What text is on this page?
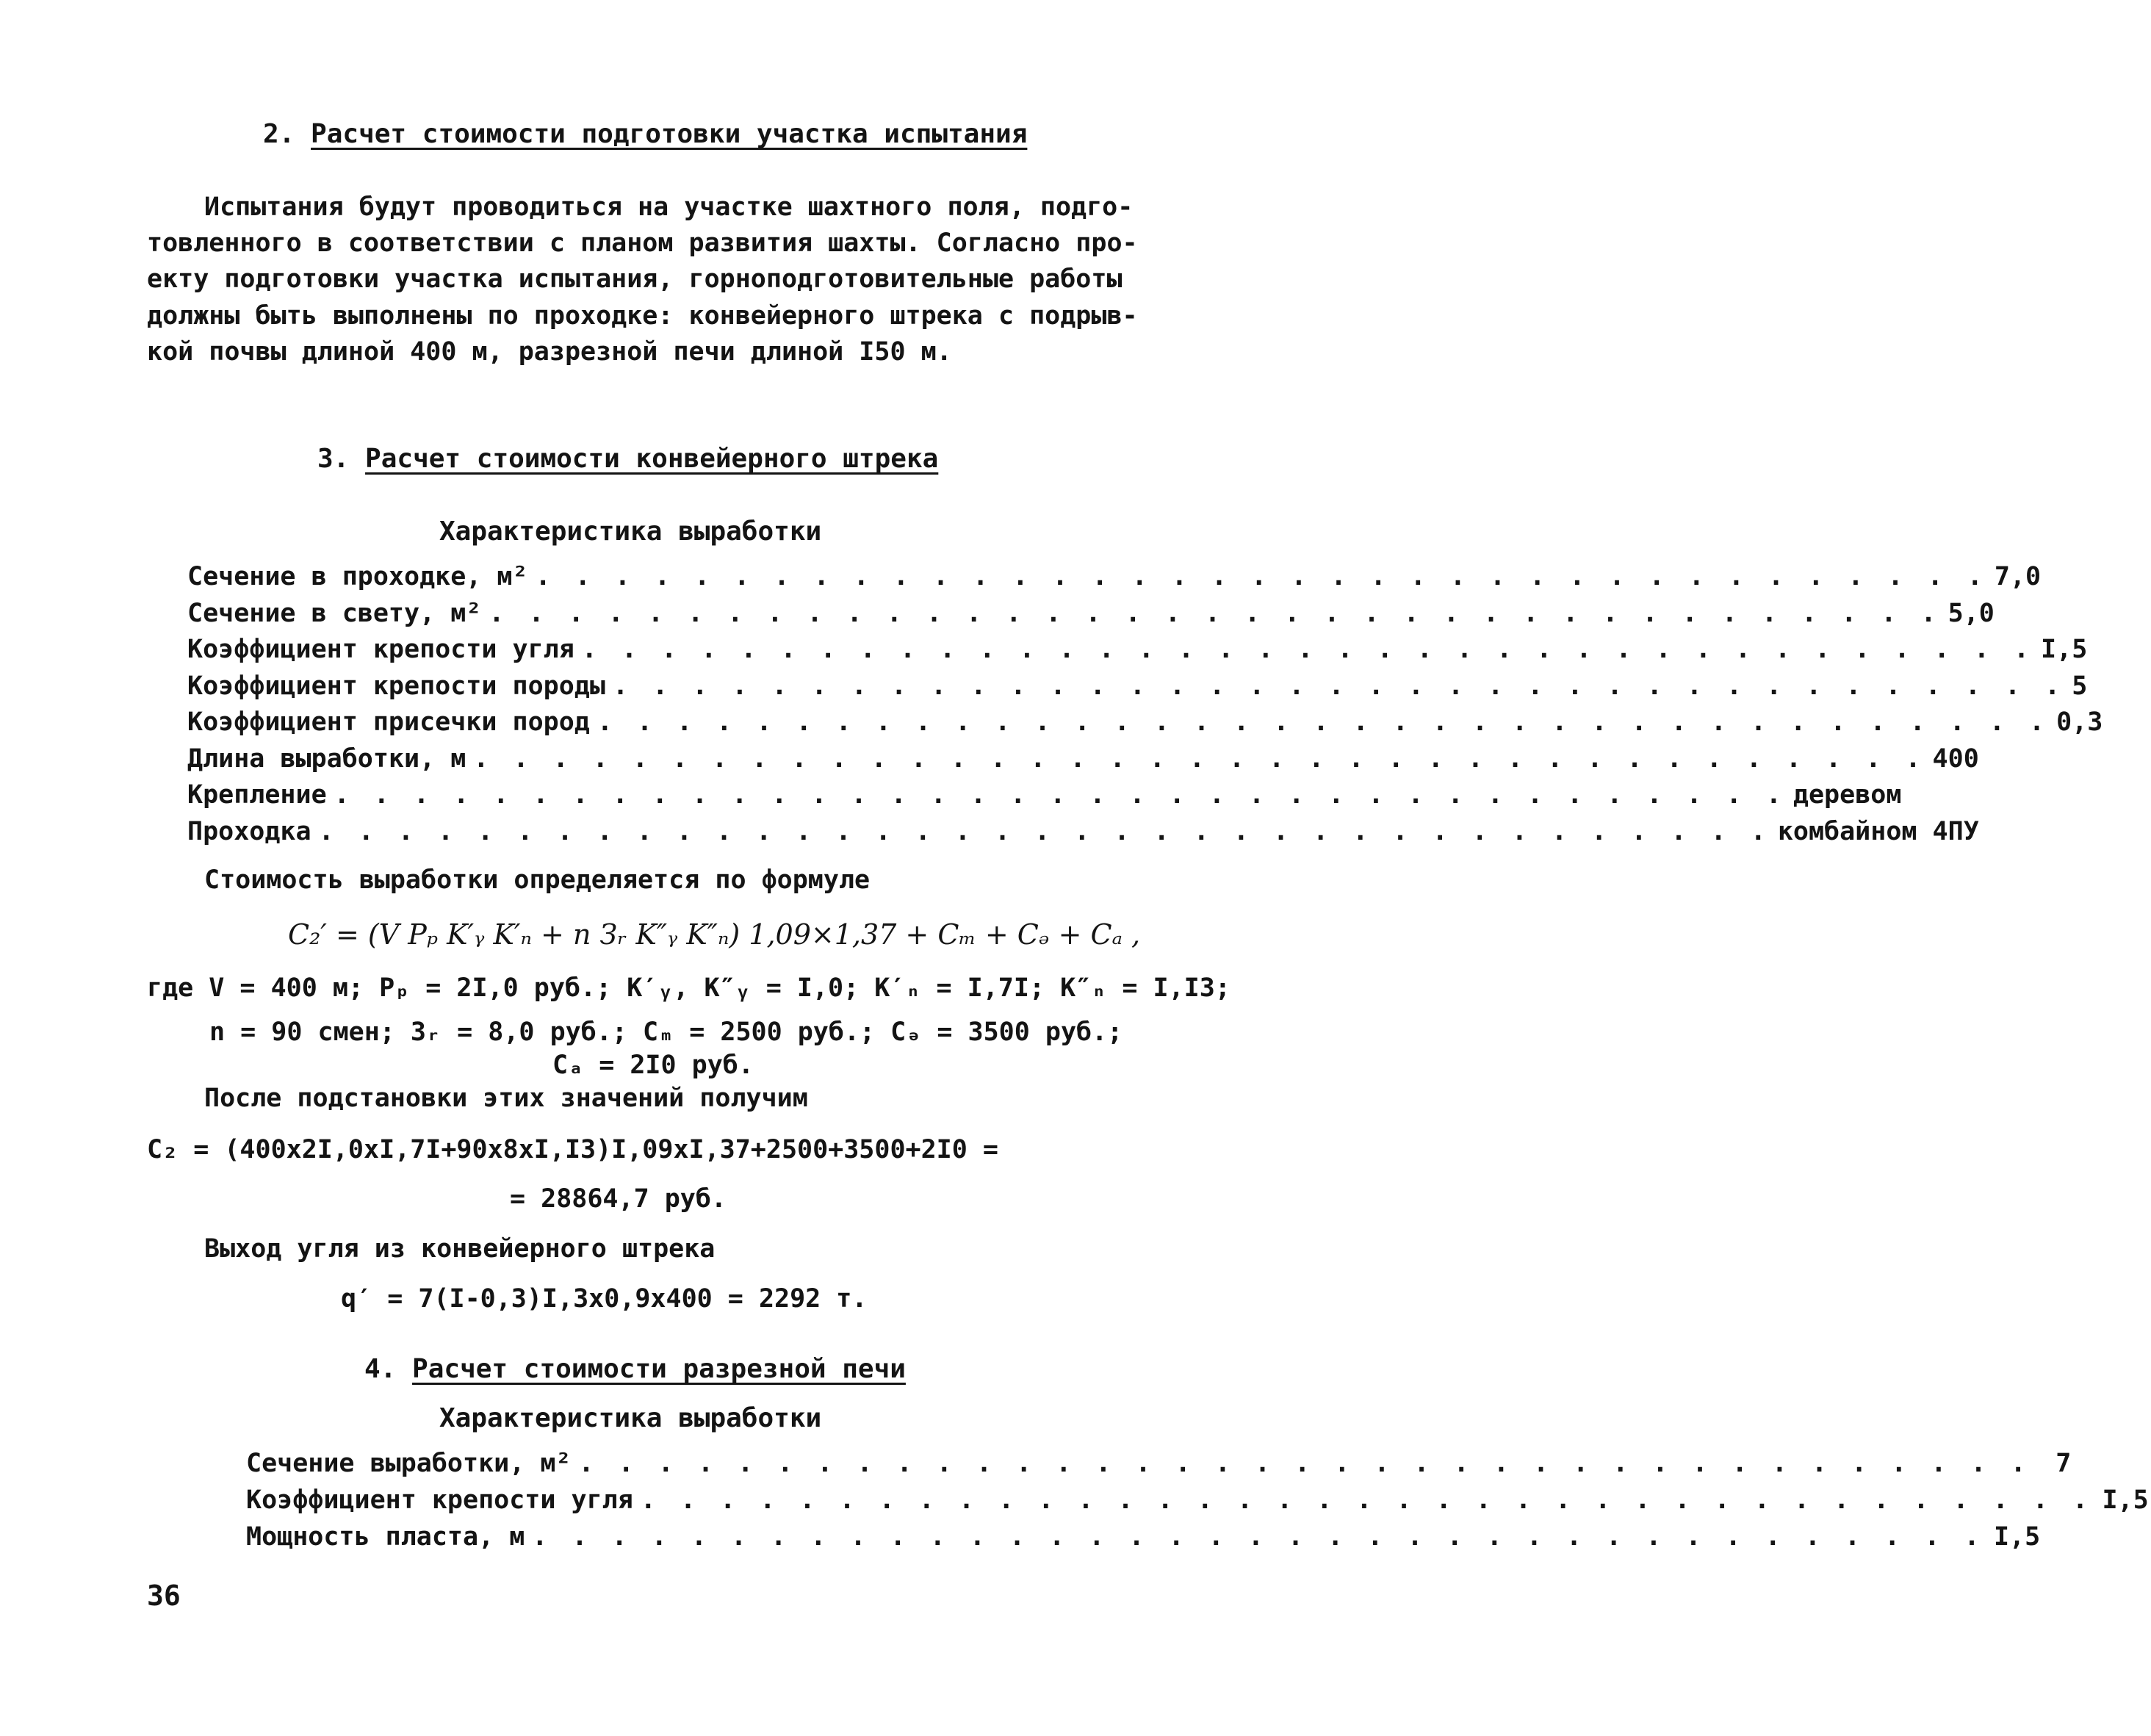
2. Расчет стоимости подготовки участка испытания
Испытания будут проводиться на участке шахтного поля, подго-
товленного в соответствии с планом развития шахты. Согласно про-
екту подготовки участка испытания, горноподготовительные работы
должны быть выполнены по проходке: конвейерного штрека с подрыв-
кой почвы длиной 400 м, разрезной печи длиной I50 м.
3. Расчет стоимости конвейерного штрека
Характеристика выработки
Сечение в проходке, м² . . . . . . . . . . . . . . . . . . . . . . . . . . . . . . . . . . . . . 7,0
Сечение в свету, м² . . . . . . . . . . . . . . . . . . . . . . . . . . . . . . . . . . . . . 5,0
Коэффициент крепости угля . . . . . . . . . . . . . . . . . . . . . . . . . . . . . . . . . . . . . I,5
Коэффициент крепости породы . . . . . . . . . . . . . . . . . . . . . . . . . . . . . . . . . . . . . 5
Коэффициент присечки пород . . . . . . . . . . . . . . . . . . . . . . . . . . . . . . . . . . . . . 0,3
Длина выработки, м . . . . . . . . . . . . . . . . . . . . . . . . . . . . . . . . . . . . . 400
Крепление . . . . . . . . . . . . . . . . . . . . . . . . . . . . . . . . . . . . . деревом
Проходка . . . . . . . . . . . . . . . . . . . . . . . . . . . . . . . . . . . . . комбайном 4ПУ
Стоимость выработки определяется по формуле
C₂′ = (V Pₚ K′ᵧ K′ₙ + n Зᵣ K″ᵧ K″ₙ) 1,09×1,37 + Cₘ + Cₔ + Cₐ ,
где V = 400 м; Pₚ = 2I,0 руб.; K′ᵧ, K″ᵧ = I,0; K′ₙ = I,7I; K″ₙ = I,I3;
n = 90 смен; Зᵣ = 8,0 руб.; Cₘ = 2500 руб.; Cₔ = 3500 руб.;
Cₐ = 2I0 руб.
После подстановки этих значений получим
C₂ = (400x2I,0xI,7I+90x8xI,I3)I,09xI,37+2500+3500+2I0 =
= 28864,7 руб.
Выход угля из конвейерного штрека
q′ = 7(I-0,3)I,3x0,9x400 = 2292 т.
4. Расчет стоимости разрезной печи
Характеристика выработки
Сечение выработки, м² . . . . . . . . . . . . . . . . . . . . . . . . . . . . . . . . . . . . . 7
Коэффициент крепости угля . . . . . . . . . . . . . . . . . . . . . . . . . . . . . . . . . . . . . I,5
Мощность пласта, м . . . . . . . . . . . . . . . . . . . . . . . . . . . . . . . . . . . . . I,5
36
